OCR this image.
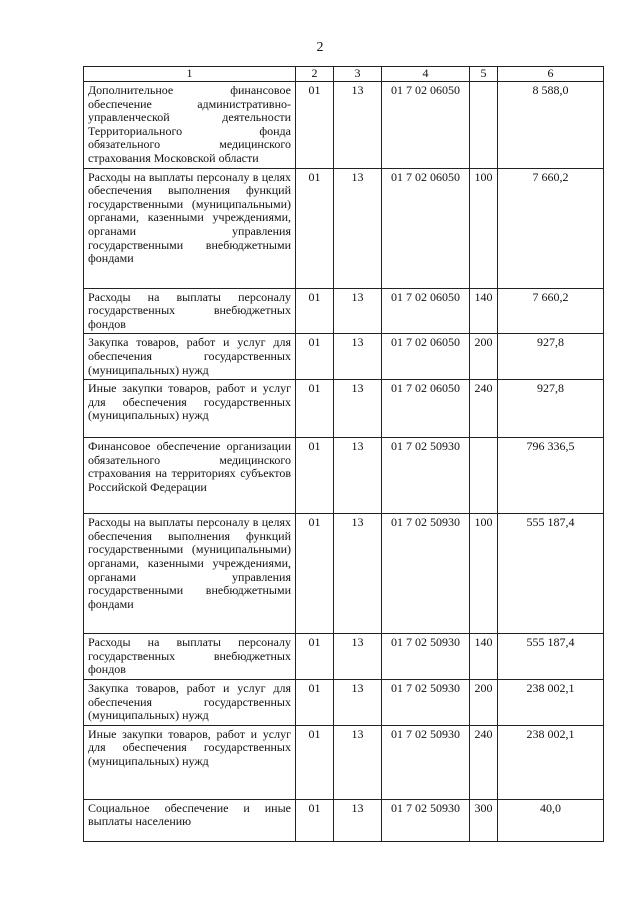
2
1	2	3	4	5	6
Дополнительное финансовое обеспечение административно-управленческой деятельности Территориального фонда обязательного медицинского страхования Московской области	01	13	01 7 02 06050		8 588,0
Расходы на выплаты персоналу в целях обеспечения выполнения функций государственными (муниципальными) органами, казенными учреждениями, органами управления государственными внебюджетными фондами	01	13	01 7 02 06050	100	7 660,2
Расходы на выплаты персоналу государственных внебюджетных фондов	01	13	01 7 02 06050	140	7 660,2
Закупка товаров, работ и услуг для обеспечения государственных (муниципальных) нужд	01	13	01 7 02 06050	200	927,8
Иные закупки товаров, работ и услуг для обеспечения государственных (муниципальных) нужд	01	13	01 7 02 06050	240	927,8
Финансовое обеспечение организации обязательного медицинского страхования на территориях субъектов Российской Федерации	01	13	01 7 02 50930		796 336,5
Расходы на выплаты персоналу в целях обеспечения выполнения функций государственными (муниципальными) органами, казенными учреждениями, органами управления государственными внебюджетными фондами	01	13	01 7 02 50930	100	555 187,4
Расходы на выплаты персоналу государственных внебюджетных фондов	01	13	01 7 02 50930	140	555 187,4
Закупка товаров, работ и услуг для обеспечения государственных (муниципальных) нужд	01	13	01 7 02 50930	200	238 002,1
Иные закупки товаров, работ и услуг для обеспечения государственных (муниципальных) нужд	01	13	01 7 02 50930	240	238 002,1
Социальное обеспечение и иные выплаты населению	01	13	01 7 02 50930	300	40,0
